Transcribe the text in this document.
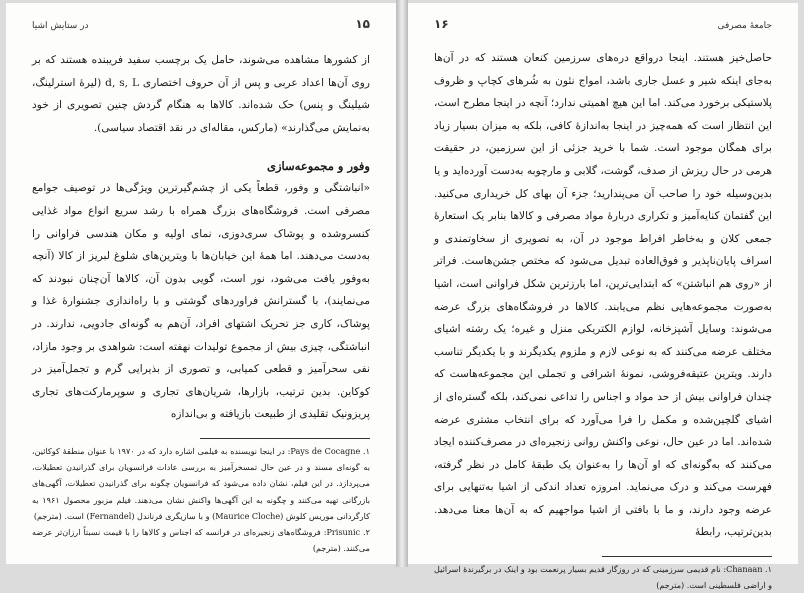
۱۵
در ستایش اشیا

از کشورها مشاهده می‌شوند، حامل یک برچسب سفید فریبنده هستند که بر روی آن‌ها اعداد عربی و پس از آن حروف اختصاری d, s, L (لیرهٔ استرلینگ، شیلینگ و پنس) حک شده‌اند. کالاها به هنگام گردش چنین تصویری از خود به‌نمایش می‌گذارند» (مارکس، مقاله‌ای در نقد اقتصاد سیاسی).

وفور و مجموعه‌سازی

«انباشتگی و وفور، قطعاً یکی از چشم‌گیرترین ویژگی‌ها در توصیف جوامع مصرفی است. فروشگاه‌های بزرگ همراه با رشد سریع انواع مواد غذایی کنسروشده و پوشاک سری‌دوزی، نمای اولیه و مکان هندسی فراوانی را به‌دست می‌دهند. اما همهٔ این خیابان‌ها با ویترین‌های شلوغ لبریز از کالا (آنچه به‌وفور یافت می‌شود، نور است، گویی بدون آن، کالاها آن‌چنان نبودند که می‌نمایند)، با گسترانش فراوردهای گوشتی و با راه‌اندازی جشنوارهٔ غذا و پوشاک، کاری جز تحریک اشتهای افراد، آن‌هم به گونه‌ای جادویی، ندارند. در انباشتگی، چیزی بیش از مجموع تولیدات نهفته است: شواهدی بر وجود مازاد، نفی سحرآمیز و قطعی کمیابی، و تصوری از بذیرایی گرم و تجمل‌آمیز در کوکاین. بدین ترتیب، بازارها، شریان‌های تجاری و سوپرمارکت‌های تجاری پریزونیک تقلیدی از طبیعت بازیافته و بی‌اندازه

۱. Pays de Cocagne: در اینجا نویسنده به فیلمی اشاره دارد که در ۱۹۷۰ با عنوان منطقهٔ کوکائین، به گونه‌ای مسند و در عین حال تمسخرآمیز به بررسی عادات فرانسویان برای گذرانیدن تعطیلات، می‌پردازد. در این فیلم، نشان داده می‌شود که فرانسویان چگونه برای گذرانیدن تعطیلات، آگهی‌های بازرگانی تهیه می‌کنند و چگونه به این آگهی‌ها واکنش نشان می‌دهند. فیلم مزبور محصول ۱۹۶۱ به کارگردانی موریس کلوش (Maurice Cloche) و با سازیگری فرناندل (Fernandel) است. (مترجم)

۲. Prisunic: فروشگاه‌های زنجیره‌ای در فرانسه که اجناس و کالاها را با قیمت نسبتاً ارزان‌تر عرضه می‌کنند. (مترجم)

جامعهٔ مصرفی
۱۶

حاصل‌خیز هستند. اینجا درواقع دره‌های سرزمین کنعان هستند که در آن‌ها به‌جای اینکه شیر و عسل جاری باشد، امواج نئون به شُرهای کچاپ و ظروف پلاستیکی برخورد می‌کند. اما این هیچ اهمیتی ندارد؛ آنچه در اینجا مطرح است، این انتظار است که همه‌چیز در اینجا به‌اندازهٔ کافی، بلکه به میزان بسیار زیاد برای همگان موجود است. شما با خرید جزئی از این سرزمین، در حقیقت هرمی در حال ریزش از صدف، گوشت، گلابی و مارچوبه به‌دست آورده‌اید و یا بدین‌وسیله خود را صاحب آن می‌پندارید؛ جزء آن بهای کل خریداری می‌کنید. این گفتمان کنایه‌آمیز و تکراری دربارهٔ مواد مصرفی و کالاها بنابر یک استعارهٔ جمعی کلان و به‌خاطر افراط موجود در آن، به تصویری از سخاوتمندی و اسراف پایان‌ناپذیر و فوق‌العاده تبدیل می‌شود که مختص جشن‌هاست. فراتر از «روی هم انباشتن» که ابتدایی‌ترین، اما بارزترین شکل فراوانی است، اشیا به‌صورت مجموعه‌هایی نظم می‌یابند. کالاها در فروشگاه‌های بزرگ عرضه می‌شوند: وسایل آشپزخانه، لوازم الکتریکی منزل و غیره؛ یک رشته اشیای مختلف عرضه می‌کنند که به نوعی لازم و ملزوم یکدیگرند و با یکدیگر تناسب دارند. ویترین عتیقه‌فروشی، نمونهٔ اشرافی و تجملی این مجموعه‌هاست که چندان فراوانی بیش از حد مواد و اجناس را تداعی نمی‌کند، بلکه گستره‌ای از اشیای گلچین‌شده و مکمل را فرا می‌آورد که برای انتخاب مشتری عرضه شده‌اند. اما در عین حال، نوعی واکنش روانی زنجیره‌ای در مصرف‌کننده ایجاد می‌کنند که به‌گونه‌ای که او آن‌ها را به‌عنوان یک طبقهٔ کامل در نظر گرفته، فهرست می‌کند و درک می‌نماید. امروزه تعداد اندکی از اشیا به‌تنهایی برای عرضه وجود دارند، و ما با بافتی از اشیا مواجهیم که به آن‌ها معنا می‌دهد. بدین‌ترتیب، رابطهٔ

۱. Chanaan: نام قدیمی سرزمینی که در روزگار قدیم بسیار پرنعمت بود و اینک در برگیرندهٔ اسرائیل و اراضی فلسطینی است. (مترجم)
